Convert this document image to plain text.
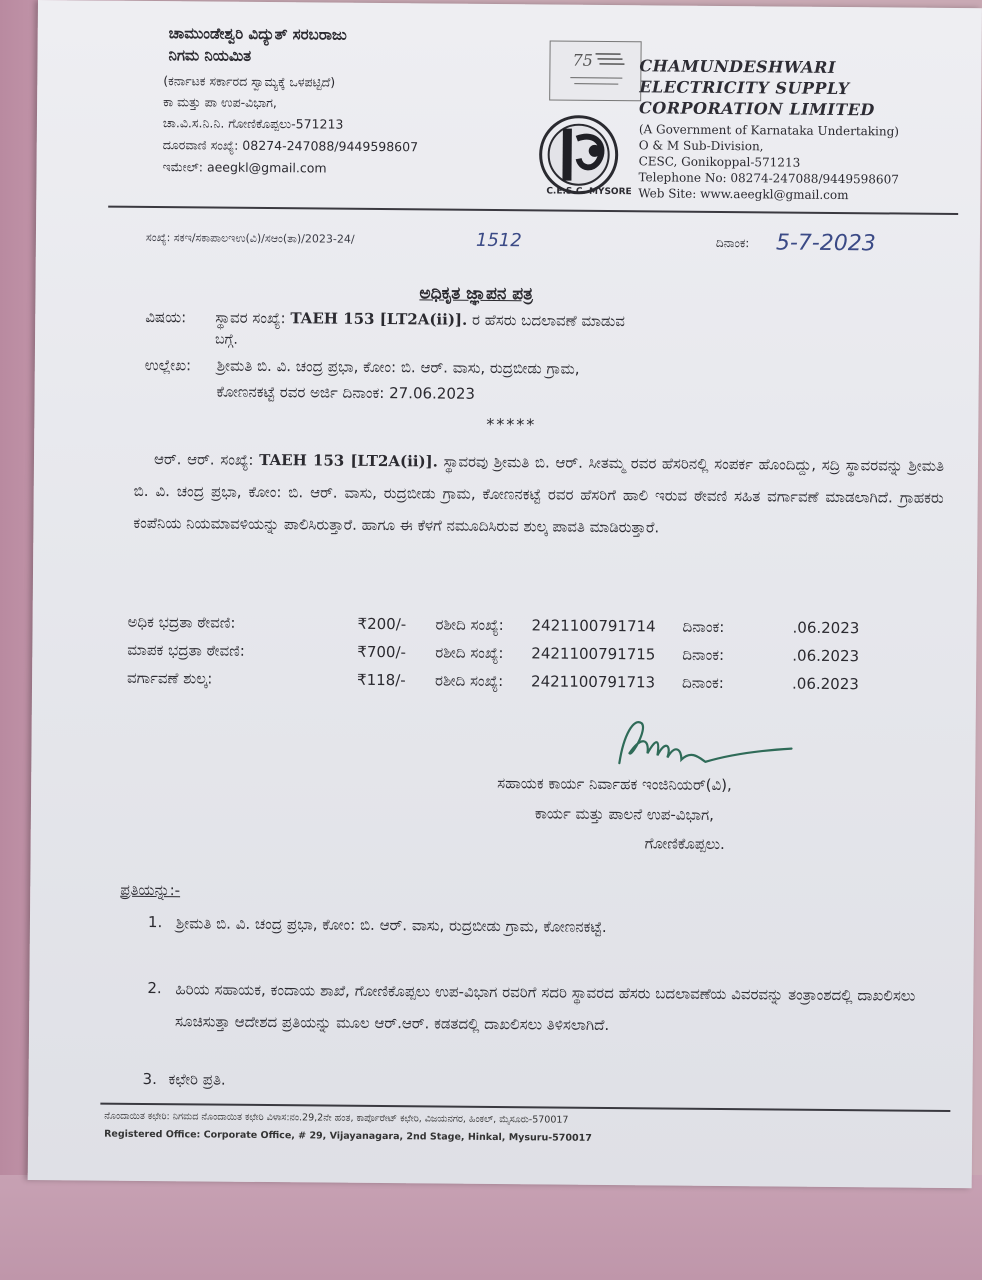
ಚಾಮುಂಡೇಶ್ವರಿ ವಿದ್ಯುತ್ ಸರಬರಾಜು
ನಿಗಮ ನಿಯಮಿತ
(ಕರ್ನಾಟಕ ಸರ್ಕಾರದ ಸ್ವಾಮ್ಯಕ್ಕೆ ಒಳಪಟ್ಟಿದೆ)
ಕಾ ಮತ್ತು ಪಾ ಉಪ-ವಿಭಾಗ,
ಚಾ.ವಿ.ಸ.ನಿ.ನಿ. ಗೋಣಿಕೊಪ್ಪಲು-571213
ದೂರವಾಣಿ ಸಂಖ್ಯೆ: 08274-247088/9449598607
ಇಮೇಲ್: aeegkl@gmail.com
75
C.E.S.C. MYSORE
CHAMUNDESHWARI
ELECTRICITY SUPPLY
CORPORATION LIMITED
(A Government of Karnataka Undertaking)
O & M Sub-Division,
CESC, Gonikoppal-571213
Telephone No: 08274-247088/9449598607
Web Site: www.aeegkl@gmail.com
ಸಂಖ್ಯೆ: ಸಕಇ/ಸಕಾಪಾಲಇಉ(ವಿ)/ಸಆಂ(ತಾ)/2023-24/	1512	ದಿನಾಂಕ: 5-7-2023
ಅಧಿಕೃತ ಜ್ಞಾಪನ ಪತ್ರ
ವಿಷಯ: ಸ್ಥಾವರ ಸಂಖ್ಯೆ: TAEH 153 [LT2A(ii)]. ರ ಹೆಸರು ಬದಲಾವಣೆ ಮಾಡುವ
ಬಗ್ಗೆ.
ಉಲ್ಲೇಖ: ಶ್ರೀಮತಿ ಬಿ. ವಿ. ಚಂದ್ರ ಪ್ರಭಾ, ಕೋಂ: ಬಿ. ಆರ್. ವಾಸು, ರುದ್ರಬೀಡು ಗ್ರಾಮ,
ಕೋಣನಕಟ್ಟೆ ರವರ ಅರ್ಜಿ ದಿನಾಂಕ: 27.06.2023
*****
ಆರ್. ಆರ್. ಸಂಖ್ಯೆ: TAEH 153 [LT2A(ii)]. ಸ್ಥಾವರವು ಶ್ರೀಮತಿ ಬಿ. ಆರ್. ಸೀತಮ್ಮ ರವರ ಹೆಸರಿನಲ್ಲಿ ಸಂಪರ್ಕ ಹೊಂದಿದ್ದು, ಸದ್ರಿ ಸ್ಥಾವರವನ್ನು ಶ್ರೀಮತಿ ಬಿ. ವಿ. ಚಂದ್ರ ಪ್ರಭಾ, ಕೋಂ: ಬಿ. ಆರ್. ವಾಸು, ರುದ್ರಬೀಡು ಗ್ರಾಮ, ಕೋಣನಕಟ್ಟೆ ರವರ ಹೆಸರಿಗೆ ಹಾಲಿ ಇರುವ ಠೇವಣಿ ಸಹಿತ ವರ್ಗಾವಣೆ ಮಾಡಲಾಗಿದೆ. ಗ್ರಾಹಕರು ಕಂಪೆನಿಯ ನಿಯಮಾವಳಿಯನ್ನು ಪಾಲಿಸಿರುತ್ತಾರೆ. ಹಾಗೂ ಈ ಕೆಳಗೆ ನಮೂದಿಸಿರುವ ಶುಲ್ಕ ಪಾವತಿ ಮಾಡಿರುತ್ತಾರೆ.
ಅಧಿಕ ಭದ್ರತಾ ಠೇವಣಿ:	₹200/- ರಶೀದಿ ಸಂಖ್ಯೆ: 242110079171‌4 ದಿನಾಂಕ:	.06.2023
ಮಾಪಕ ಭದ್ರತಾ ಠೇವಣಿ:	₹700/- ರಶೀದಿ ಸಂಖ್ಯೆ: 242110079171‌5 ದಿನಾಂಕ:	.06.2023
ವರ್ಗಾವಣೆ ಶುಲ್ಕ:	₹118/- ರಶೀದಿ ಸಂಖ್ಯೆ: 242110079171‌3 ದಿನಾಂಕ:	.06.2023
ಸಹಾಯಕ ಕಾರ್ಯ ನಿರ್ವಾಹಕ ಇಂಜಿನಿಯರ್(ವಿ),
ಕಾರ್ಯ ಮತ್ತು ಪಾಲನೆ ಉಪ-ವಿಭಾಗ,
ಗೋಣಿಕೊಪ್ಪಲು.
ಪ್ರತಿಯನ್ನು:-
1. ಶ್ರೀಮತಿ ಬಿ. ವಿ. ಚಂದ್ರ ಪ್ರಭಾ, ಕೋಂ: ಬಿ. ಆರ್. ವಾಸು, ರುದ್ರಬೀಡು ಗ್ರಾಮ, ಕೋಣನಕಟ್ಟೆ.
2. ಹಿರಿಯ ಸಹಾಯಕ, ಕಂದಾಯ ಶಾಖೆ, ಗೋಣಿಕೊಪ್ಪಲು ಉಪ-ವಿಭಾಗ ರವರಿಗೆ ಸದರಿ ಸ್ಥಾವರದ ಹೆಸರು ಬದಲಾವಣೆಯ ವಿವರವನ್ನು ತಂತ್ರಾಂಶದಲ್ಲಿ ದಾಖಲಿಸಲು ಸೂಚಿಸುತ್ತಾ ಆದೇಶದ ಪ್ರತಿಯನ್ನು ಮೂಲ ಆರ್.ಆರ್. ಕಡತದಲ್ಲಿ ದಾಖಲಿಸಲು ತಿಳಿಸಲಾಗಿದೆ.
3. ಕಛೇರಿ ಪ್ರತಿ.
ನೊಂದಾಯಿತ ಕಛೇರಿ: ನಿಗಮದ ನೊಂದಾಯಿತ ಕಛೇರಿ ವಿಳಾಸ:ನಂ.29,2ನೇ ಹಂತ, ಕಾರ್ಪೊರೇಟ್ ಕಛೇರಿ, ವಿಜಯನಗರ, ಹಿಂಕಲ್, ಮೈಸೂರು-570017
Registered Office: Corporate Office, # 29, Vijayanagara, 2nd Stage, Hinkal, Mysuru-570017
